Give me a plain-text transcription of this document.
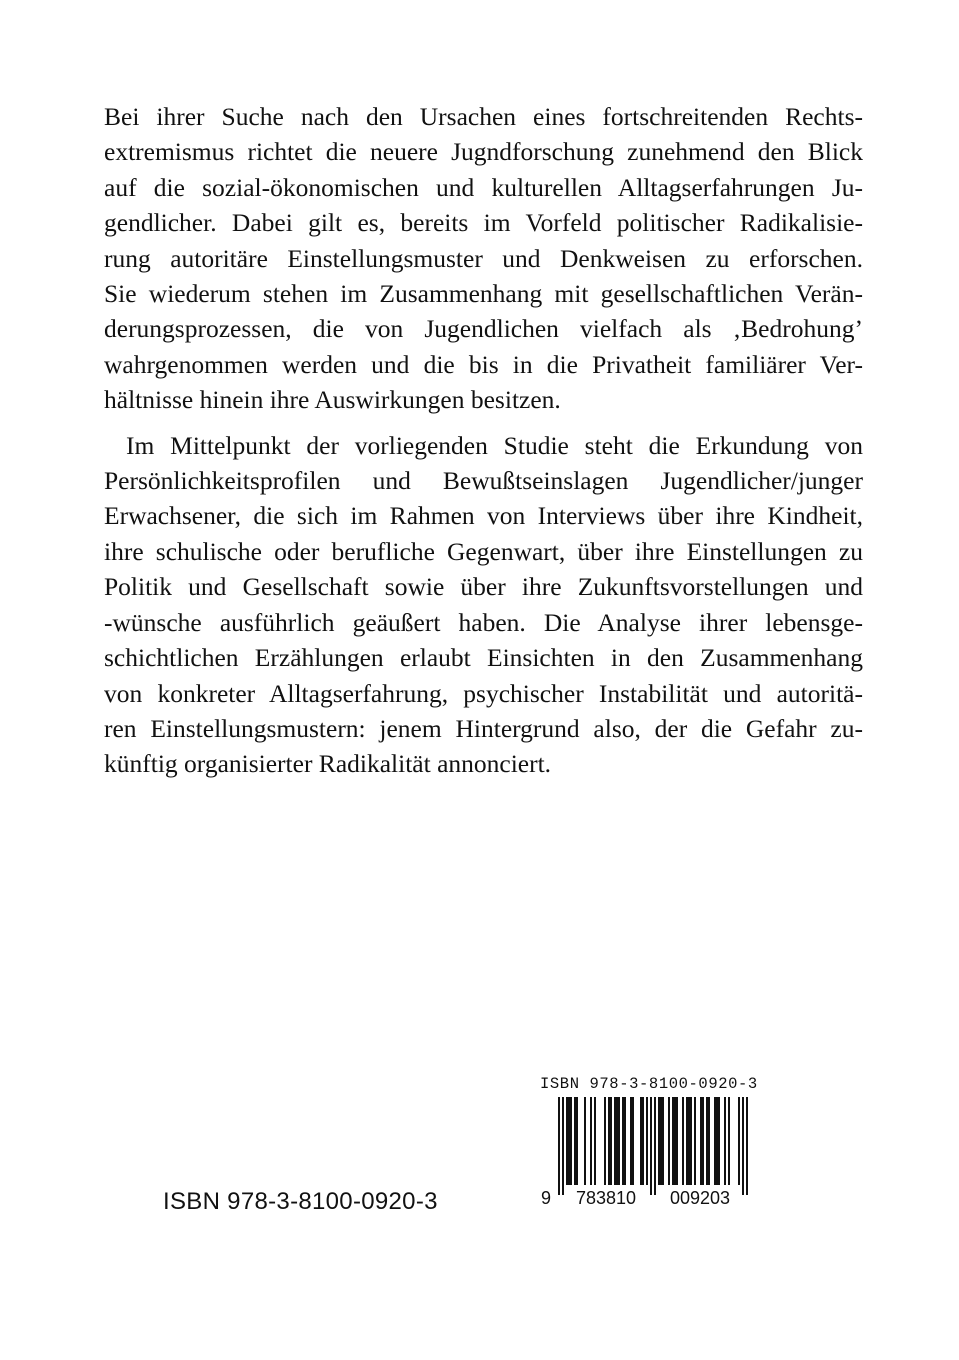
Bei ihrer Suche nach den Ursachen eines fortschreitenden Rechts-
extremismus richtet die neuere Jugndforschung zunehmend den Blick
auf die sozial-ökonomischen und kulturellen Alltagserfahrungen Ju-
gendlicher. Dabei gilt es, bereits im Vorfeld politischer Radikalisie-
rung autoritäre Einstellungsmuster und Denkweisen zu erforschen.
Sie wiederum stehen im Zusammenhang mit gesellschaftlichen Verän-
derungsprozessen, die von Jugendlichen vielfach als ‚Bedrohung’
wahrgenommen werden und die bis in die Privatheit familiärer Ver-
hältnisse hinein ihre Auswirkungen besitzen.
Im Mittelpunkt der vorliegenden Studie steht die Erkundung von
Persönlichkeitsprofilen und Bewußtseinslagen Jugendlicher/junger
Erwachsener, die sich im Rahmen von Interviews über ihre Kindheit,
ihre schulische oder berufliche Gegenwart, über ihre Einstellungen zu
Politik und Gesellschaft sowie über ihre Zukunftsvorstellungen und
-wünsche ausführlich geäußert haben. Die Analyse ihrer lebensge-
schichtlichen Erzählungen erlaubt Einsichten in den Zusammenhang
von konkreter Alltagserfahrung, psychischer Instabilität und autoritä-
ren Einstellungsmustern: jenem Hintergrund also, der die Gefahr zu-
künftig organisierter Radikalität annonciert.
ISBN 978-3-8100-0920-3
ISBN 978-3-8100-0920-3
9 783810 009203
